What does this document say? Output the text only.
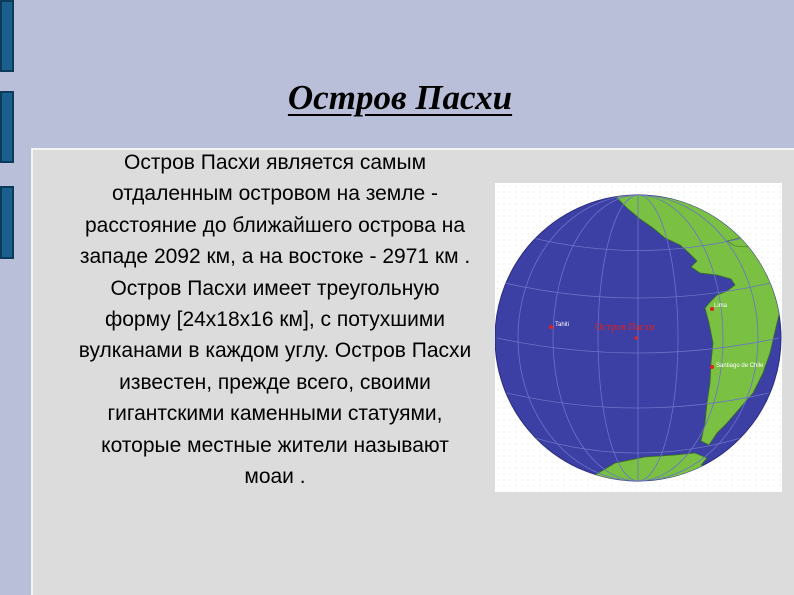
Остров Пасхи

Остров Пасхи является самым отдаленным островом на земле - расстояние до ближайшего острова на западе 2092 км, а на востоке - 2971 км . Остров Пасхи имеет треугольную форму [24x18x16 км], с потухшими вулканами в каждом углу. Остров Пасхи известен, прежде всего, своими гигантскими каменными статуями, которые местные жители называют моаи .

Tahiti	Остров Пасхи
Lima
Santiago de Chile
